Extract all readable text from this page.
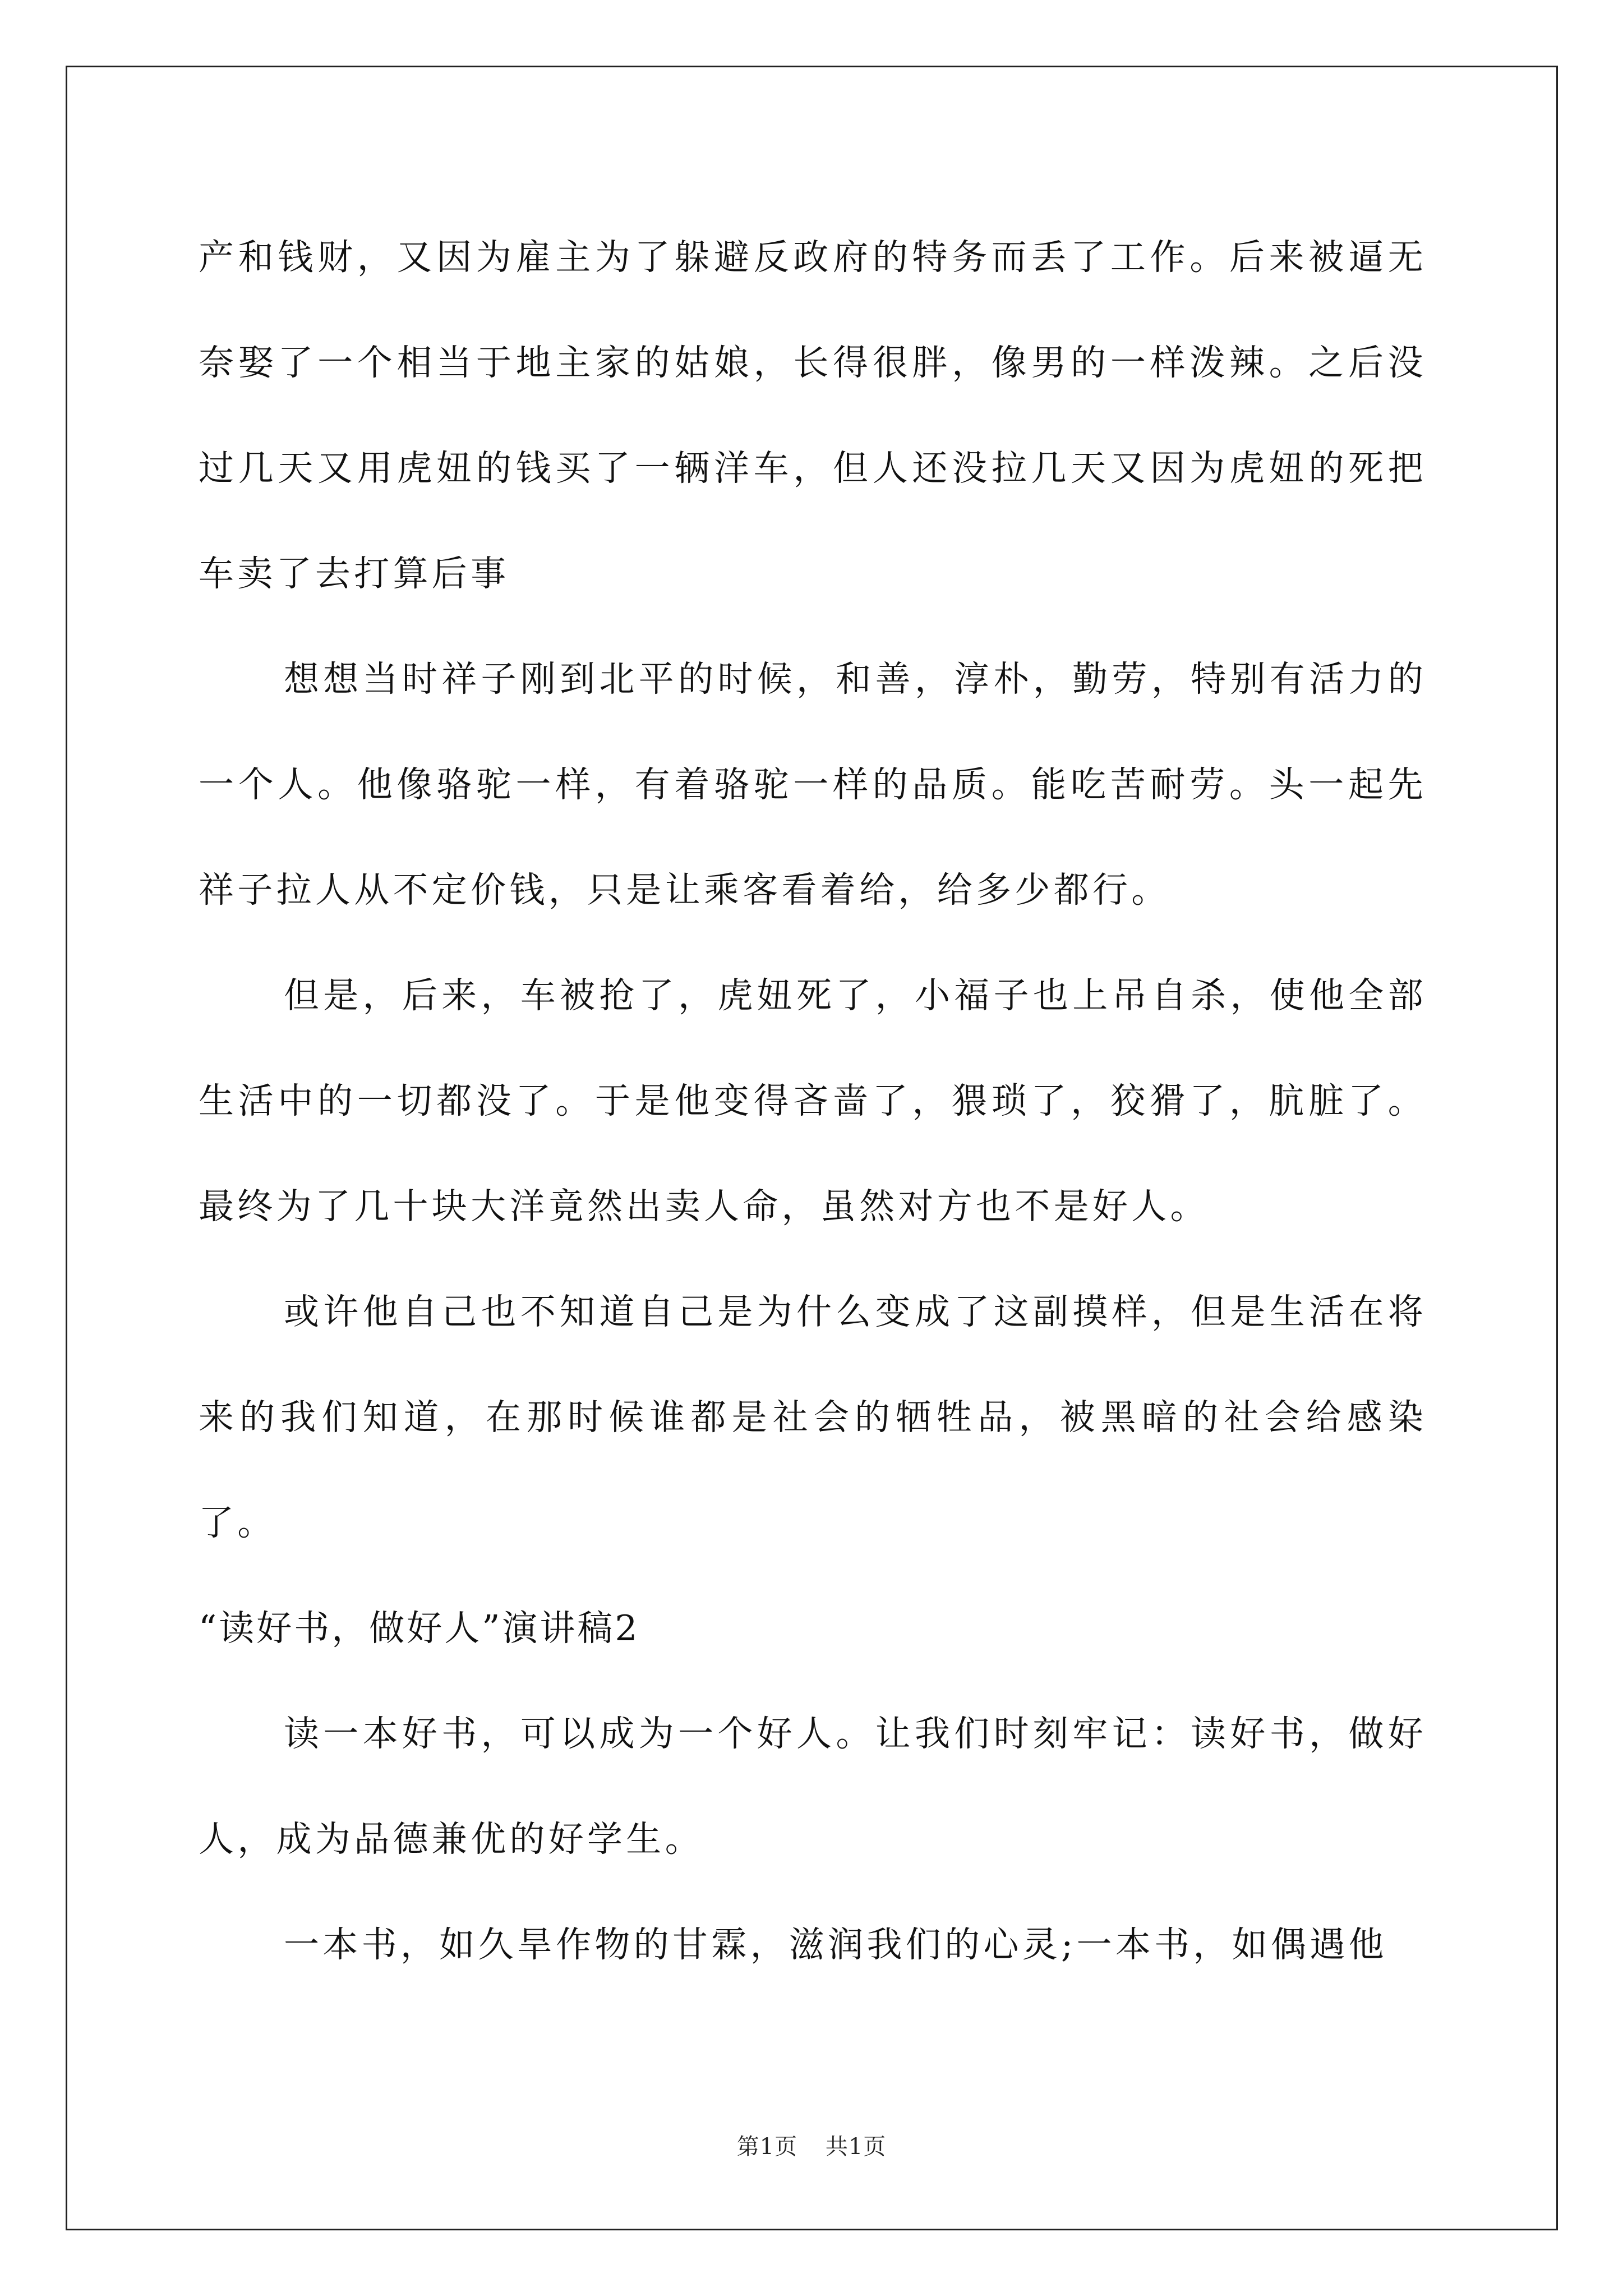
产和钱财，又因为雇主为了躲避反政府的特务而丢了工作。后来被逼无奈娶了一个相当于地主家的姑娘，长得很胖，像男的一样泼辣。之后没过几天又用虎妞的钱买了一辆洋车，但人还没拉几天又因为虎妞的死把车卖了去打算后事

想想当时祥子刚到北平的时候，和善，淳朴，勤劳，特别有活力的一个人。他像骆驼一样，有着骆驼一样的品质。能吃苦耐劳。头一起先祥子拉人从不定价钱，只是让乘客看着给，给多少都行。

但是，后来，车被抢了，虎妞死了，小福子也上吊自杀，使他全部生活中的一切都没了。于是他变得吝啬了，猥琐了，狡猾了，肮脏了。最终为了几十块大洋竟然出卖人命，虽然对方也不是好人。

或许他自己也不知道自己是为什么变成了这副摸样，但是生活在将来的我们知道，在那时候谁都是社会的牺牲品，被黑暗的社会给感染了。

“读好书，做好人”演讲稿2

读一本好书，可以成为一个好人。让我们时刻牢记：读好书，做好人，成为品德兼优的好学生。

一本书，如久旱作物的甘霖，滋润我们的心灵;一本书，如偶遇他

第1页 共1页
